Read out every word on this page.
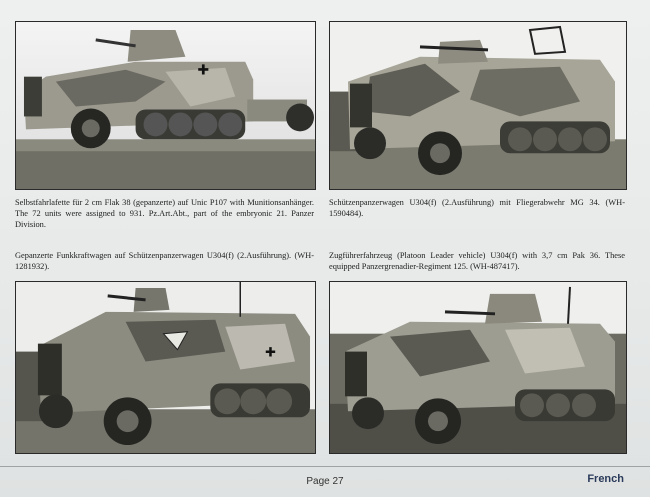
✚

Selbstfahrlafette für 2 cm Flak 38 (gepanzerte) auf Unic P107 with Munitionsanhänger. The 72 units were assigned to 931. Pz.Art.Abt., part of the embryonic 21. Panzer Division.

Schützenpanzerwagen U304(f) (2.Ausführung) mit Fliegerabwehr MG 34. (WH-1590484).

Gepanzerte Funkkraftwagen auf Schützenpanzerwagen U304(f) (2.Ausführung). (WH-1281932).

Zugführerfahrzeug (Platoon Leader vehicle) U304(f) with 3,7 cm Pak 36. These equipped Panzergrenadier-Regiment 125. (WH-487417).

✚
Page 27	French
